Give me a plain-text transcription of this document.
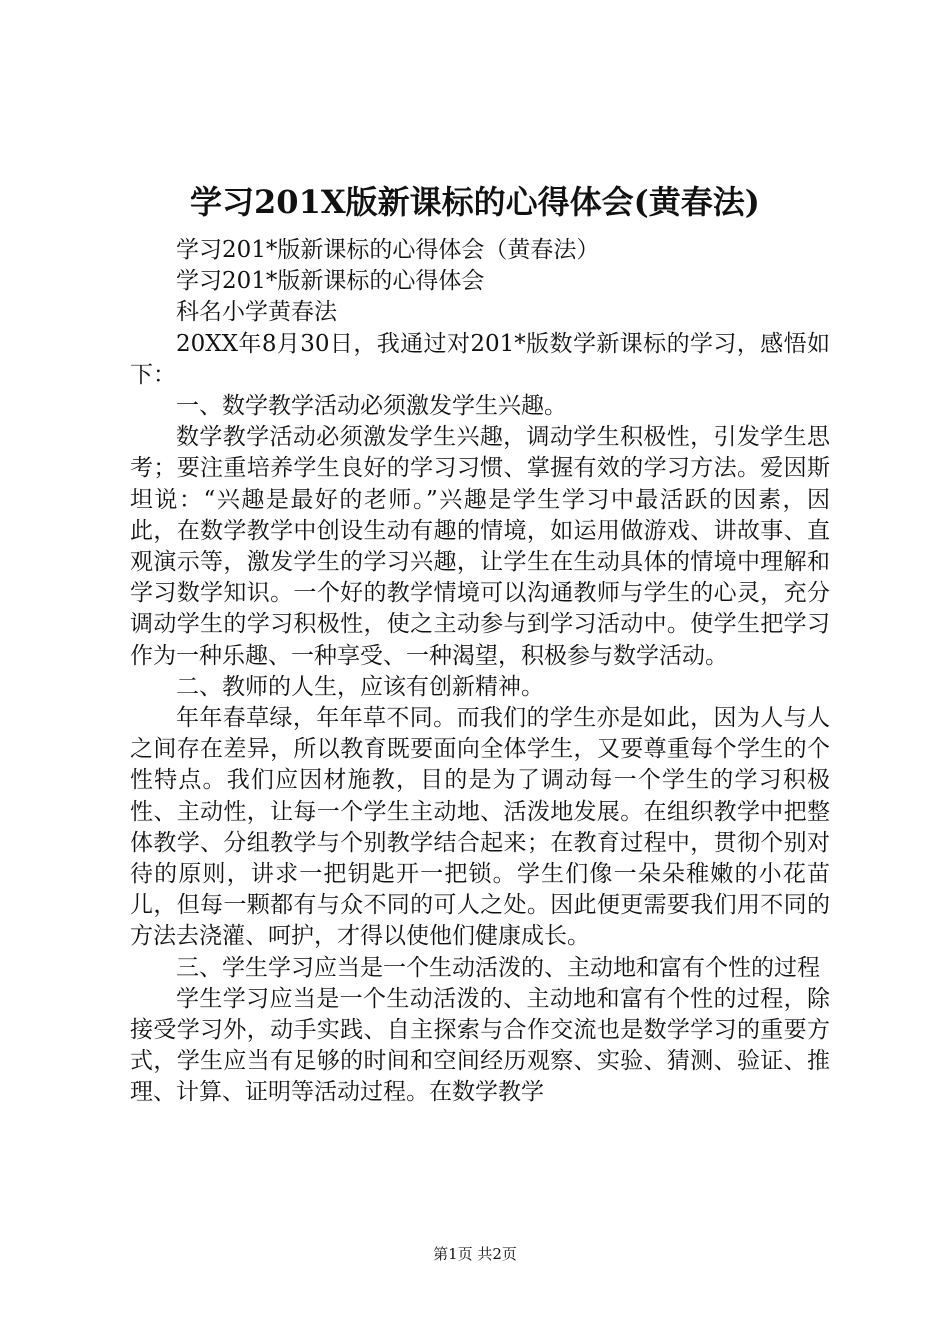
学习201X版新课标的心得体会(黄春法)

学习201*版新课标的心得体会（黄春法）

学习201*版新课标的心得体会

科名小学黄春法

20XX年8月30日，我通过对201*版数学新课标的学习，感悟如下：

一、数学教学活动必须激发学生兴趣。

数学教学活动必须激发学生兴趣，调动学生积极性，引发学生思考；要注重培养学生良好的学习习惯、掌握有效的学习方法。爱因斯坦说：“兴趣是最好的老师。”兴趣是学生学习中最活跃的因素，因此，在数学教学中创设生动有趣的情境，如运用做游戏、讲故事、直观演示等，激发学生的学习兴趣，让学生在生动具体的情境中理解和学习数学知识。一个好的教学情境可以沟通教师与学生的心灵，充分调动学生的学习积极性，使之主动参与到学习活动中。使学生把学习作为一种乐趣、一种享受、一种渴望，积极参与数学活动。

二、教师的人生，应该有创新精神。

年年春草绿，年年草不同。而我们的学生亦是如此，因为人与人之间存在差异，所以教育既要面向全体学生，又要尊重每个学生的个性特点。我们应因材施教，目的是为了调动每一个学生的学习积极性、主动性，让每一个学生主动地、活泼地发展。在组织教学中把整体教学、分组教学与个别教学结合起来；在教育过程中，贯彻个别对待的原则，讲求一把钥匙开一把锁。学生们像一朵朵稚嫩的小花苗儿，但每一颗都有与众不同的可人之处。因此便更需要我们用不同的方法去浇灌、呵护，才得以使他们健康成长。

三、学生学习应当是一个生动活泼的、主动地和富有个性的过程

学生学习应当是一个生动活泼的、主动地和富有个性的过程，除接受学习外，动手实践、自主探索与合作交流也是数学学习的重要方式，学生应当有足够的时间和空间经历观察、实验、猜测、验证、推理、计算、证明等活动过程。在数学教学

第1页 共2页
